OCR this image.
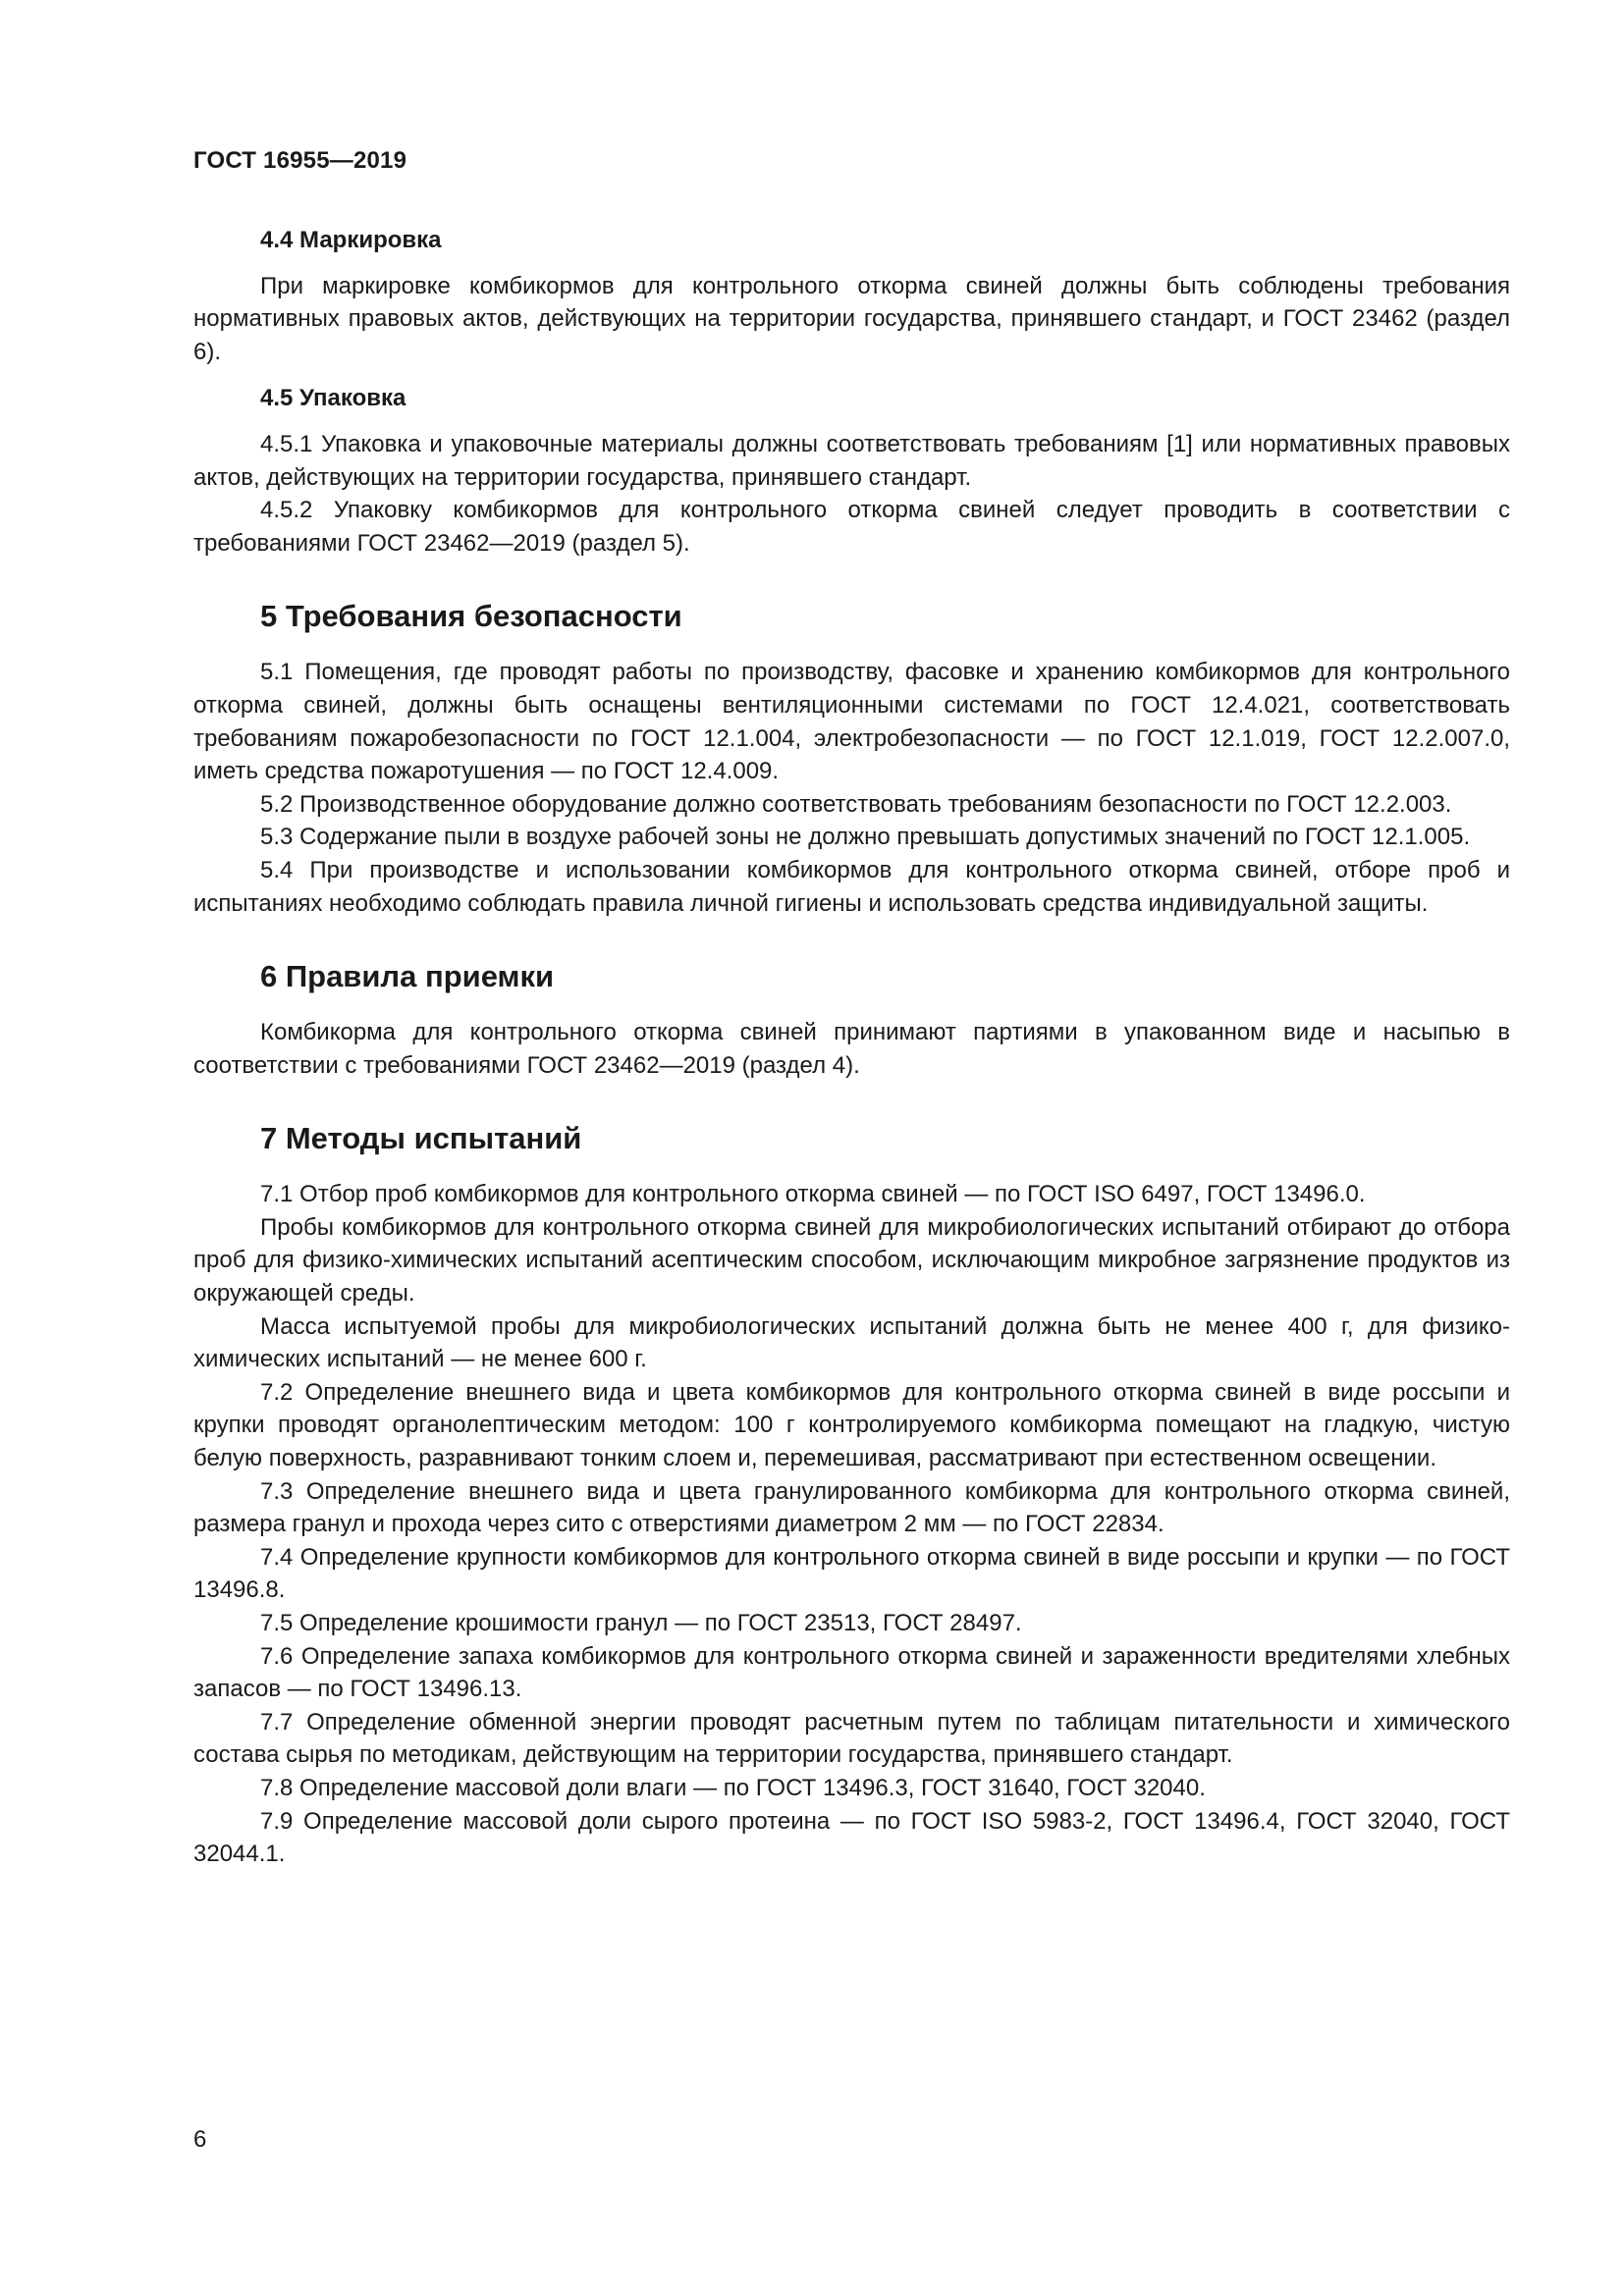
ГОСТ 16955—2019
4.4 Маркировка

При маркировке комбикормов для контрольного откорма свиней должны быть соблюдены требования нормативных правовых актов, действующих на территории государства, принявшего стандарт, и ГОСТ 23462 (раздел 6).

4.5 Упаковка

4.5.1 Упаковка и упаковочные материалы должны соответствовать требованиям [1] или нормативных правовых актов, действующих на территории государства, принявшего стандарт.

4.5.2 Упаковку комбикормов для контрольного откорма свиней следует проводить в соответствии с требованиями ГОСТ 23462—2019 (раздел 5).

5 Требования безопасности

5.1 Помещения, где проводят работы по производству, фасовке и хранению комбикормов для контрольного откорма свиней, должны быть оснащены вентиляционными системами по ГОСТ 12.4.021, соответствовать требованиям пожаробезопасности по ГОСТ 12.1.004, электробезопасности — по ГОСТ 12.1.019, ГОСТ 12.2.007.0, иметь средства пожаротушения — по ГОСТ 12.4.009.

5.2 Производственное оборудование должно соответствовать требованиям безопасности по ГОСТ 12.2.003.

5.3 Содержание пыли в воздухе рабочей зоны не должно превышать допустимых значений по ГОСТ 12.1.005.

5.4 При производстве и использовании комбикормов для контрольного откорма свиней, отборе проб и испытаниях необходимо соблюдать правила личной гигиены и использовать средства индивидуальной защиты.

6 Правила приемки

Комбикорма для контрольного откорма свиней принимают партиями в упакованном виде и насыпью в соответствии с требованиями ГОСТ 23462—2019 (раздел 4).

7 Методы испытаний

7.1 Отбор проб комбикормов для контрольного откорма свиней — по ГОСТ ISO 6497, ГОСТ 13496.0.

Пробы комбикормов для контрольного откорма свиней для микробиологических испытаний отбирают до отбора проб для физико-химических испытаний асептическим способом, исключающим микробное загрязнение продуктов из окружающей среды.

Масса испытуемой пробы для микробиологических испытаний должна быть не менее 400 г, для физико-химических испытаний — не менее 600 г.

7.2 Определение внешнего вида и цвета комбикормов для контрольного откорма свиней в виде россыпи и крупки проводят органолептическим методом: 100 г контролируемого комбикорма помещают на гладкую, чистую белую поверхность, разравнивают тонким слоем и, перемешивая, рассматривают при естественном освещении.

7.3 Определение внешнего вида и цвета гранулированного комбикорма для контрольного откорма свиней, размера гранул и прохода через сито с отверстиями диаметром 2 мм — по ГОСТ 22834.

7.4 Определение крупности комбикормов для контрольного откорма свиней в виде россыпи и крупки — по ГОСТ 13496.8.

7.5 Определение крошимости гранул — по ГОСТ 23513, ГОСТ 28497.

7.6 Определение запаха комбикормов для контрольного откорма свиней и зараженности вредителями хлебных запасов — по ГОСТ 13496.13.

7.7 Определение обменной энергии проводят расчетным путем по таблицам питательности и химического состава сырья по методикам, действующим на территории государства, принявшего стандарт.

7.8 Определение массовой доли влаги — по ГОСТ 13496.3, ГОСТ 31640, ГОСТ 32040.

7.9 Определение массовой доли сырого протеина — по ГОСТ ISO 5983-2, ГОСТ 13496.4, ГОСТ 32040, ГОСТ 32044.1.

6
